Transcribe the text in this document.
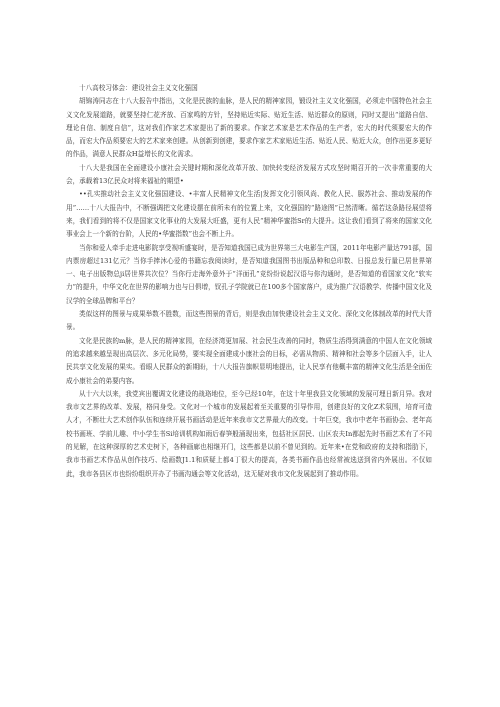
十八高校习体会：建设社会主义文化强国

胡锦涛同志在十八大报告中指出，文化是民族的血脉，是人民的精神家园，锻设社主义文化强国，必须走中国特色社会主义文化发展道路，就要坚持仁花齐放、百家鸣的方针，坚持贴近实际、贴近生活、贴近群众的原则，同时又提出“道路自信、理论自信、制度自信”，这对我们作家艺术家提出了新的要求。作家艺术家是艺术作品的生产者，宏大的时代须要宏大的作品，而宏大作品须要宏大的艺术家来创建。从创新到创建，要求作家艺术家贴近生活、贴近人民、贴近大众，创作出更多更好的作品，满意人民群众H益增长的文化需求。

十八大是我国在全面建设小康社会关键时期和深化改革开放、加快转变经济发展方式攻坚时期召开的一次非常重要的大会，承载着13亿民众对将来福祉的期望•

••孔实推动社会主义文化强国建设、•丰富人民精神文化生活|发挥文化引领风尚、教化人民、服苏社会、推动发展的作用”……十八大报告中，不断强调把文化建设摆在前所未有的位置上来，文化强国的“路途图”已然清晰。循若这条路径展望将来，我们看到的将不仅是国家文化事业的大发展大旺盛，更有人民“精神华蜜指Sr的大提升。这让我们看到了将来的国家文化事业会上一个新的台阶，人民的•华蜜指数”也会不断上升。

当你和爱人牵手走进电影院享受视听盛宴时，是否知道我国已成为世界第三大电影生产国，2011年电影产量达791部，国内票房超过131亿元？当你手捧沐心爱的书籍忘我阅读时，是否知道我国图书出版品种和总印数、日报总发行量已居世界第一、电子出版物总ji居世界共次位？当你行走海外意外于“洋面孔”竞纷纷说起汉语与你沟通时，是否知道的看国家文化“软实力”的提升，中华文化在世界的影响力也与日俱增，钗孔子学院就已在100多个国家落户，成为推广汉语教学、传播中国文化及汉学的全球品牌和平台？

类似这样的图景与成果举数不胜数，而这些图景的背后，则是我由加快建设社会主义文化、深化文化体制改革的时代大背景。

文化是民族的m脉，是人民的精神家园，在经济湾更加展、社会民生改善的同时，物质生活得到满意的中国人在文化领域的追求越来越呈现出高层次、多元化局势，要实现全面建成小康社会的目标，必需从物质、精神和社会等多个层面入手，让人民共享文化发展的果实。看眼人民群众的新期盼，十八大报告旗帜显明地提出，让人民享有他概丰富的精神文化生活是全面佐成小康社会的弟要内容。

从十六大以来，我党宾出覆调文化建设的战珞地位，至今已经10年，在这十年里我县文化领域的发展可埋日新月异。我对我市文艺界的改革、发展，格同身受。文化对一个城市的发展起着至关重要的引导作用，创建良好的文化Z术氛围，培育可造人才，不断壮大艺术创作队伍和连续开展书画活动是近年来我市文艺界最大的改变。十年巨变，我市中老年书画协会、老年高校书画班、学前儿趣、中小学生书Si培训机构如雨后春笋般涌现出来，包括社区居民、山区农夫In都起先时书画艺术有了不同的见解，在这种深厚的艺术史树下，各种画廊也相继开门，这些都是以前不曾见到的。近年来•在党和政府的支持和指肋下，我市书画艺术作品从创作技巧、绘画数J1.1和质疑上都4丁很大的提高，各类书画作品也经常被选送到省内外展出。不仅如此，我市各县区市也纷纷组织开办了书画沟通会等文化活动，这无疑对我市文化发展起到了推动作用。
